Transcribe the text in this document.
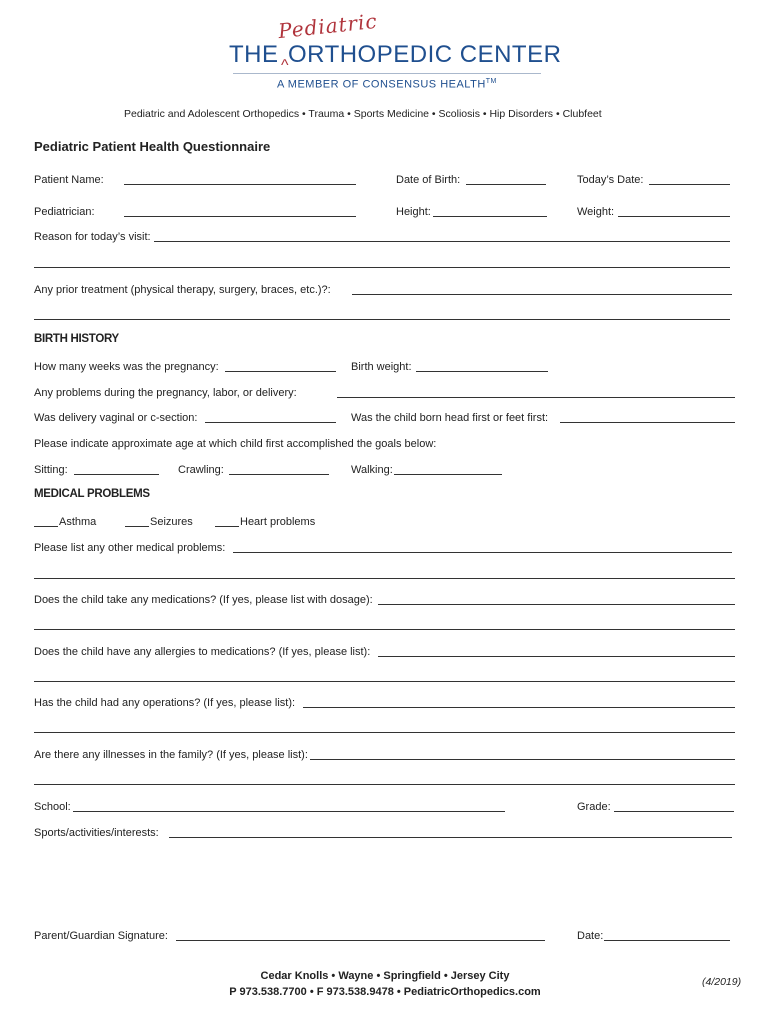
Pediatric
THE ^ ORTHOPEDIC CENTER
A MEMBER OF CONSENSUS HEALTH™
Pediatric and Adolescent Orthopedics • Trauma • Sports Medicine • Scoliosis • Hip Disorders • Clubfeet
Pediatric Patient Health Questionnaire
Patient Name:	Date of Birth:	Today’s Date:
Pediatrician:	Height:	Weight:
Reason for today’s visit:
Any prior treatment (physical therapy, surgery, braces, etc.)?:
BIRTH HISTORY
How many weeks was the pregnancy:	Birth weight:
Any problems during the pregnancy, labor, or delivery:
Was delivery vaginal or c-section:	Was the child born head first or feet first:
Please indicate approximate age at which child first accomplished the goals below:
Sitting:	Crawling:	Walking:
MEDICAL PROBLEMS
Asthma	Seizures	Heart problems
Please list any other medical problems:
Does the child take any medications? (If yes, please list with dosage):
Does the child have any allergies to medications? (If yes, please list):
Has the child had any operations? (If yes, please list):
Are there any illnesses in the family? (If yes, please list):
School:	Grade:
Sports/activities/interests:
Parent/Guardian Signature:	Date:
Cedar Knolls • Wayne • Springfield • Jersey City
P 973.538.7700 • F 973.538.9478 • PediatricOrthopedics.com
(4/2019)
